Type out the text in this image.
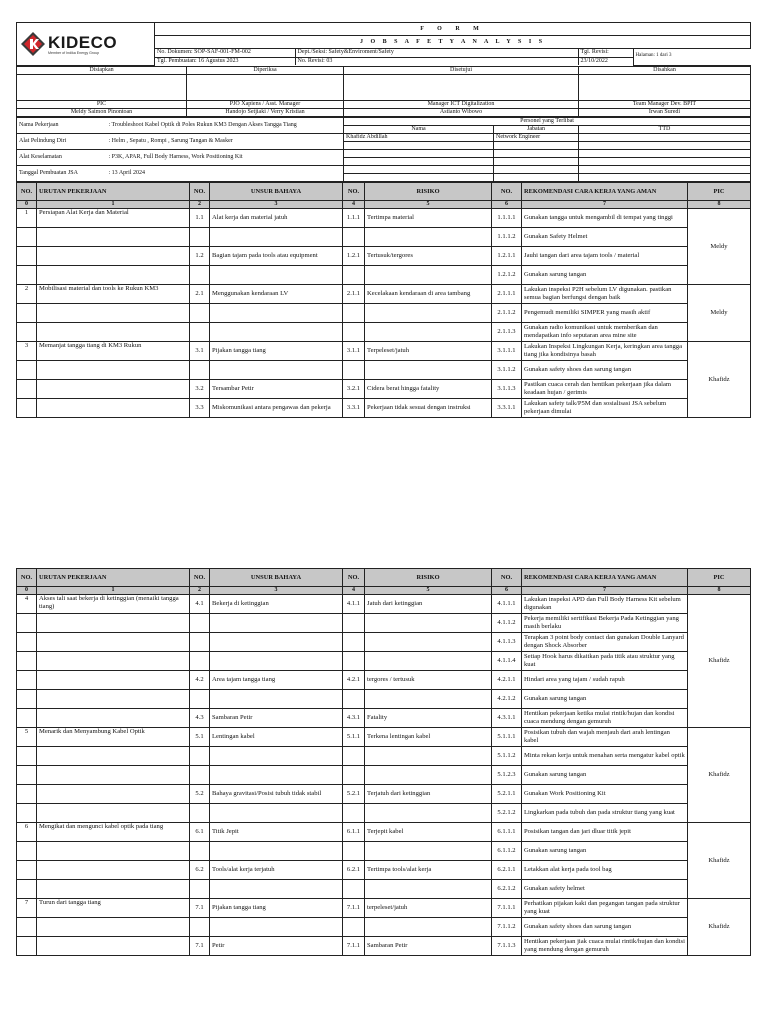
KIDECO
Member of Indika Energy Group
	F O R M
J O B S A F E T Y A N A L Y S I S

No. Dokumen: SOP-SAF-001-FM-002	Dept./Seksi: Safety&Enviroment/Safety	Tgl. Revisi:	Halaman: 1 dari 3
Tgl. Pembuatan: 16 Agustus 2023	No. Revisi: 03	23/10/2022
Disiapkan	Diperiksa	Disetujui	Disahkan

PIC	PJO Xapiens / Asst. Manager	Manager ICT Digitalization	Team Manager Dev. BPIT
Meldy Saimon Pinontoan	Handojo Setjiaki / Verry Kristian	Astianto Wibowo	Irwan Suredi
Nama Pekerjaan	: Troubleshoot Kabel Optik di Poles Rukun KM3 Dengan Akses Tangga Tiang	Personel yang Terlibat		
		Nama	Jabatan	TTD
Alat Pelindung Diri	: Helm , Sepatu , Rompi , Sarung Tangan & Masker	Khafidz Abdillah	Network Engineer	

Alat Keselamatan	: P3K, APAR, Full Body Harness, Work Positioning Kit			

Tanggal Pembuatan JSA	: 13 April 2024			

NO.	URUTAN PEKERJAAN	NO.	UNSUR BAHAYA	NO.	RISIKO	NO.	REKOMENDASI CARA KERJA YANG AMAN	PIC
0	1	2	3	4	5	6	7	8
1	Persiapan Alat Kerja dan Material	1.1	Alat kerja dan material jatuh	1.1.1	Tertimpa material	1.1.1.1	Gunakan tangga untuk mengambil di tempat yang tinggi	Meldy
						1.1.1.2	Gunakan Safety Helmet	
		1.2	Bagian tajam pada tools atau equipment	1.2.1	Tertusuk/tergores	1.2.1.1	Jauhi tangan dari area tajam tools / material	
						1.2.1.2	Gunakan sarung tangan	
2	Mobilisasi material dan tools ke Rukun KM3	2.1	Menggunakan kendaraan LV	2.1.1	Kecelakaan kendaraan di area tambang	2.1.1.1	Lakukan inspeksi P2H sebelum LV digunakan. pastikan semua bagian berfungsi dengan baik	Meldy
						2.1.1.2	Pengemudi memiliki SIMPER yang masih aktif	
						2.1.1.3	Gunakan radio komunikasi untuk memberikan dan mendapatkan info seputaran area mine site	
3	Memanjat tangga tiang di KM3 Rukun	3.1	Pijakan tangga tiang	3.1.1	Terpeleset/jatuh	3.1.1.1	Lakukan Inspeksi Lingkungan Kerja, keringkan area tangga tiang jika kondisinya basah	Khafidz
						3.1.1.2	Gunakan safety shoes dan sarung tangan	
		3.2	Tersambar Petir	3.2.1	Cidera berat hingga fatality	3.1.1.3	Pastikan cuaca cerah dan hentikan pekerjaan jika dalam keadaan hujan / gerimis	
		3.3	Miskomunikasi antara pengawas dan pekerja	3.3.1	Pekerjaan tidak sesuai dengan instruksi	3.3.1.1	Lakukan safety talk/P5M dan sosialisasi JSA sebelum pekerjaan dimulai	
NO.	URUTAN PEKERJAAN	NO.	UNSUR BAHAYA	NO.	RISIKO	NO.	REKOMENDASI CARA KERJA YANG AMAN	PIC
0	1	2	3	4	5	6	7	8
4	Akses tali saat bekerja di ketinggian (menaiki tangga tiang)	4.1	Bekerja di ketinggian	4.1.1	Jatuh dari ketinggian	4.1.1.1	Lakukan inspeksi APD dan Full Body Harness Kit sebelum digunakan	Khafidz
						4.1.1.2	Pekerja memiliki sertifikasi Bekerja Pada Ketinggian yang masih berlaku	
						4.1.1.3	Terapkan 3 point body contact dan gunakan Double Lanyard dengan Shock Absorber	
						4.1.1.4	Setiap Hook harus dikaitkan pada titik atau struktur yang kuat	
		4.2	Area tajam tangga tiang	4.2.1	tergores / tertusuk	4.2.1.1	Hindari area yang tajam / sudah rapuh	
						4.2.1.2	Gunakan sarung tangan	
		4.3	Sambaran Petir	4.3.1	Fatality	4.3.1.1	Hentikan pekerjaan ketika mulai rintik/hujan dan kondisi cuaca mendung dengan gemuruh	
5	Menarik dan Menyambung Kabel Optik	5.1	Lentingan kabel	5.1.1	Terkena lentingan kabel	5.1.1.1	Posisikan tubuh dan wajah menjauh dari arah lentingan kabel	Khafidz
						5.1.1.2	Minta rekan kerja untuk menahan serta mengatur kabel optik	
						5.1.2.3	Gunakan sarung tangan	
		5.2	Bahaya gravitasi/Posisi tubuh tidak stabil	5.2.1	Terjatuh dari ketinggian	5.2.1.1	Gunakan Work Positioning Kit	
						5.2.1.2	Lingkarkan pada tubuh dan pada struktur tiang yang kuat	
6	Mengikat dan mengunci kabel optik pada tiang	6.1	Titik Jepit	6.1.1	Terjepit kabel	6.1.1.1	Posisikan tangan dan jari dluar titik jepit	Khafidz
						6.1.1.2	Gunakan sarung tangan	
		6.2	Tools/alat kerja terjatuh	6.2.1	Tertimpa tools/alat kerja	6.2.1.1	Letakkan alat kerja pada tool bag	
						6.2.1.2	Gunakan safety helmet	
7	Turun dari tangga tiang	7.1	Pijakan tangga tiang	7.1.1	terpeleset/jatuh	7.1.1.1	Perhatikan pijakan kaki dan pegangan tangan pada struktur yang kuat	Khafidz
						7.1.1.2	Gunakan safety shoes dan sarung tangan	
		7.1	Petir	7.1.1	Sambaran Petir	7.1.1.3	Hentikan pekerjaan jiak cuaca mulai rintik/hujan dan kondisi yang mendung dengan gemuruh	
